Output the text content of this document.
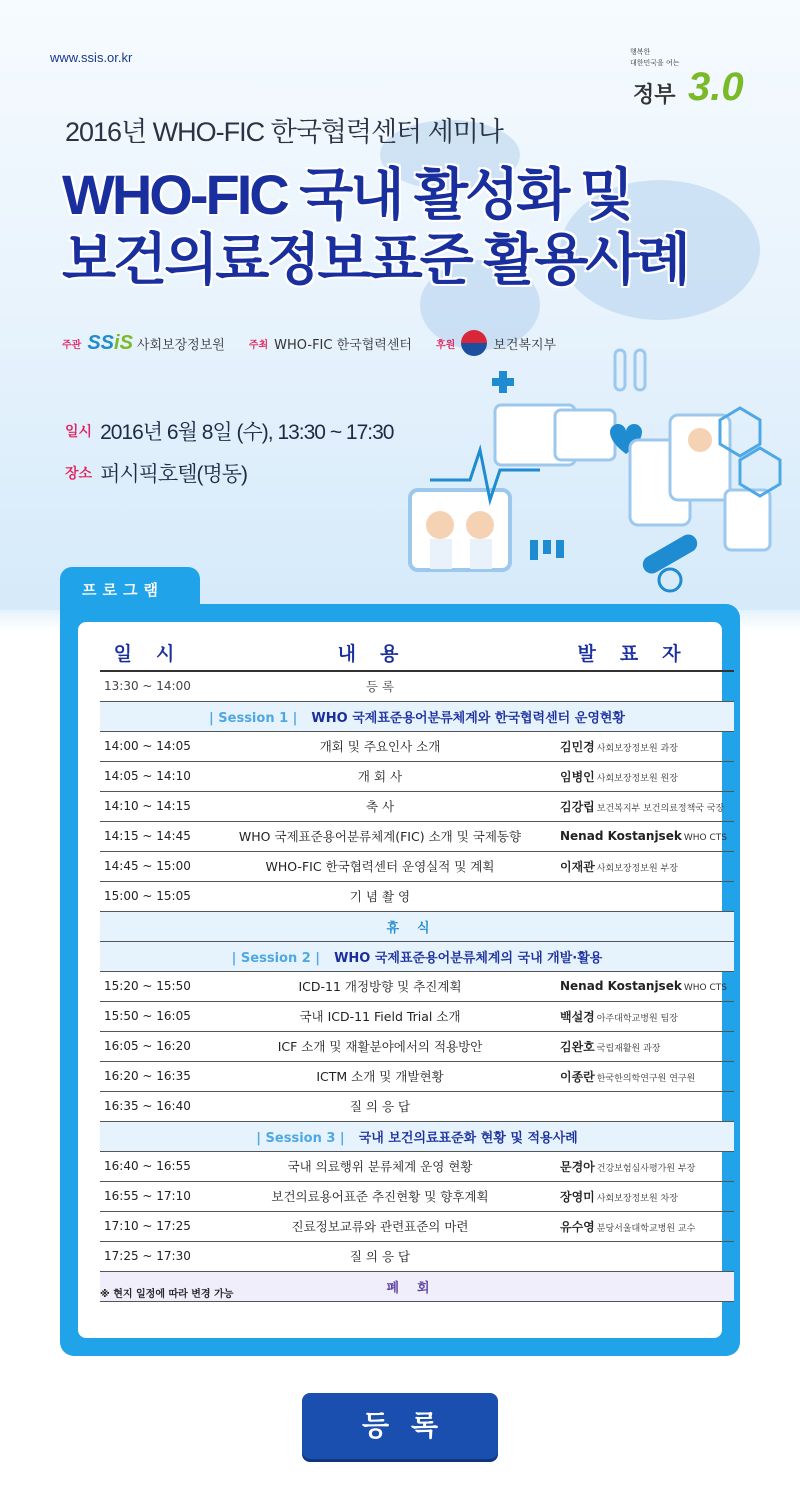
www.ssis.or.kr	행복한
대한민국을 여는
정부 3.0
2016년 WHO-FIC 한국협력센터 세미나
WHO-FIC 국내 활성화 및
보건의료정보표준 활용사례
주관 SSiS 사회보장정보원 주최 WHO-FIC 한국협력센터 후원	보건복지부
일시 2016년 6월 8일 (수), 13:30 ~ 17:30
장소 퍼시픽호텔(명동)
프로그램
일시	내용	발표자
13:30 ~ 14:00	등 록	
| Session 1 | WHO 국제표준용어분류체계와 한국협력센터 운영현황		
14:00 ~ 14:05	개회 및 주요인사 소개	김민경 사회보장정보원 과장
14:05 ~ 14:10	개 회 사	임병인 사회보장정보원 원장
14:10 ~ 14:15	축 사	김강립 보건복지부 보건의료정책국 국장
14:15 ~ 14:45	WHO 국제표준용어분류체계(FIC) 소개 및 국제동향	Nenad Kostanjsek WHO CTS
14:45 ~ 15:00	WHO-FIC 한국협력센터 운영실적 및 계획	이재관 사회보장정보원 부장
15:00 ~ 15:05	기 념 촬 영	
휴식		
| Session 2 | WHO 국제표준용어분류체계의 국내 개발·활용		
15:20 ~ 15:50	ICD-11 개정방향 및 추진계획	Nenad Kostanjsek WHO CTS
15:50 ~ 16:05	국내 ICD-11 Field Trial 소개	백설경 아주대학교병원 팀장
16:05 ~ 16:20	ICF 소개 및 재활분야에서의 적용방안	김완호 국립재활원 과장
16:20 ~ 16:35	ICTM 소개 및 개발현황	이종란 한국한의학연구원 연구원
16:35 ~ 16:40	질 의 응 답	
| Session 3 | 국내 보건의료표준화 현황 및 적용사례		
16:40 ~ 16:55	국내 의료행위 분류체계 운영 현황	문경아 건강보험심사평가원 부장
16:55 ~ 17:10	보건의료용어표준 추진현황 및 향후계획	장영미 사회보장정보원 차장
17:10 ~ 17:25	진료정보교류와 관련표준의 마련	유수영 분당서울대학교병원 교수
17:25 ~ 17:30	질 의 응 답	
폐회		
※ 현지 일정에 따라 변경 가능
등록
